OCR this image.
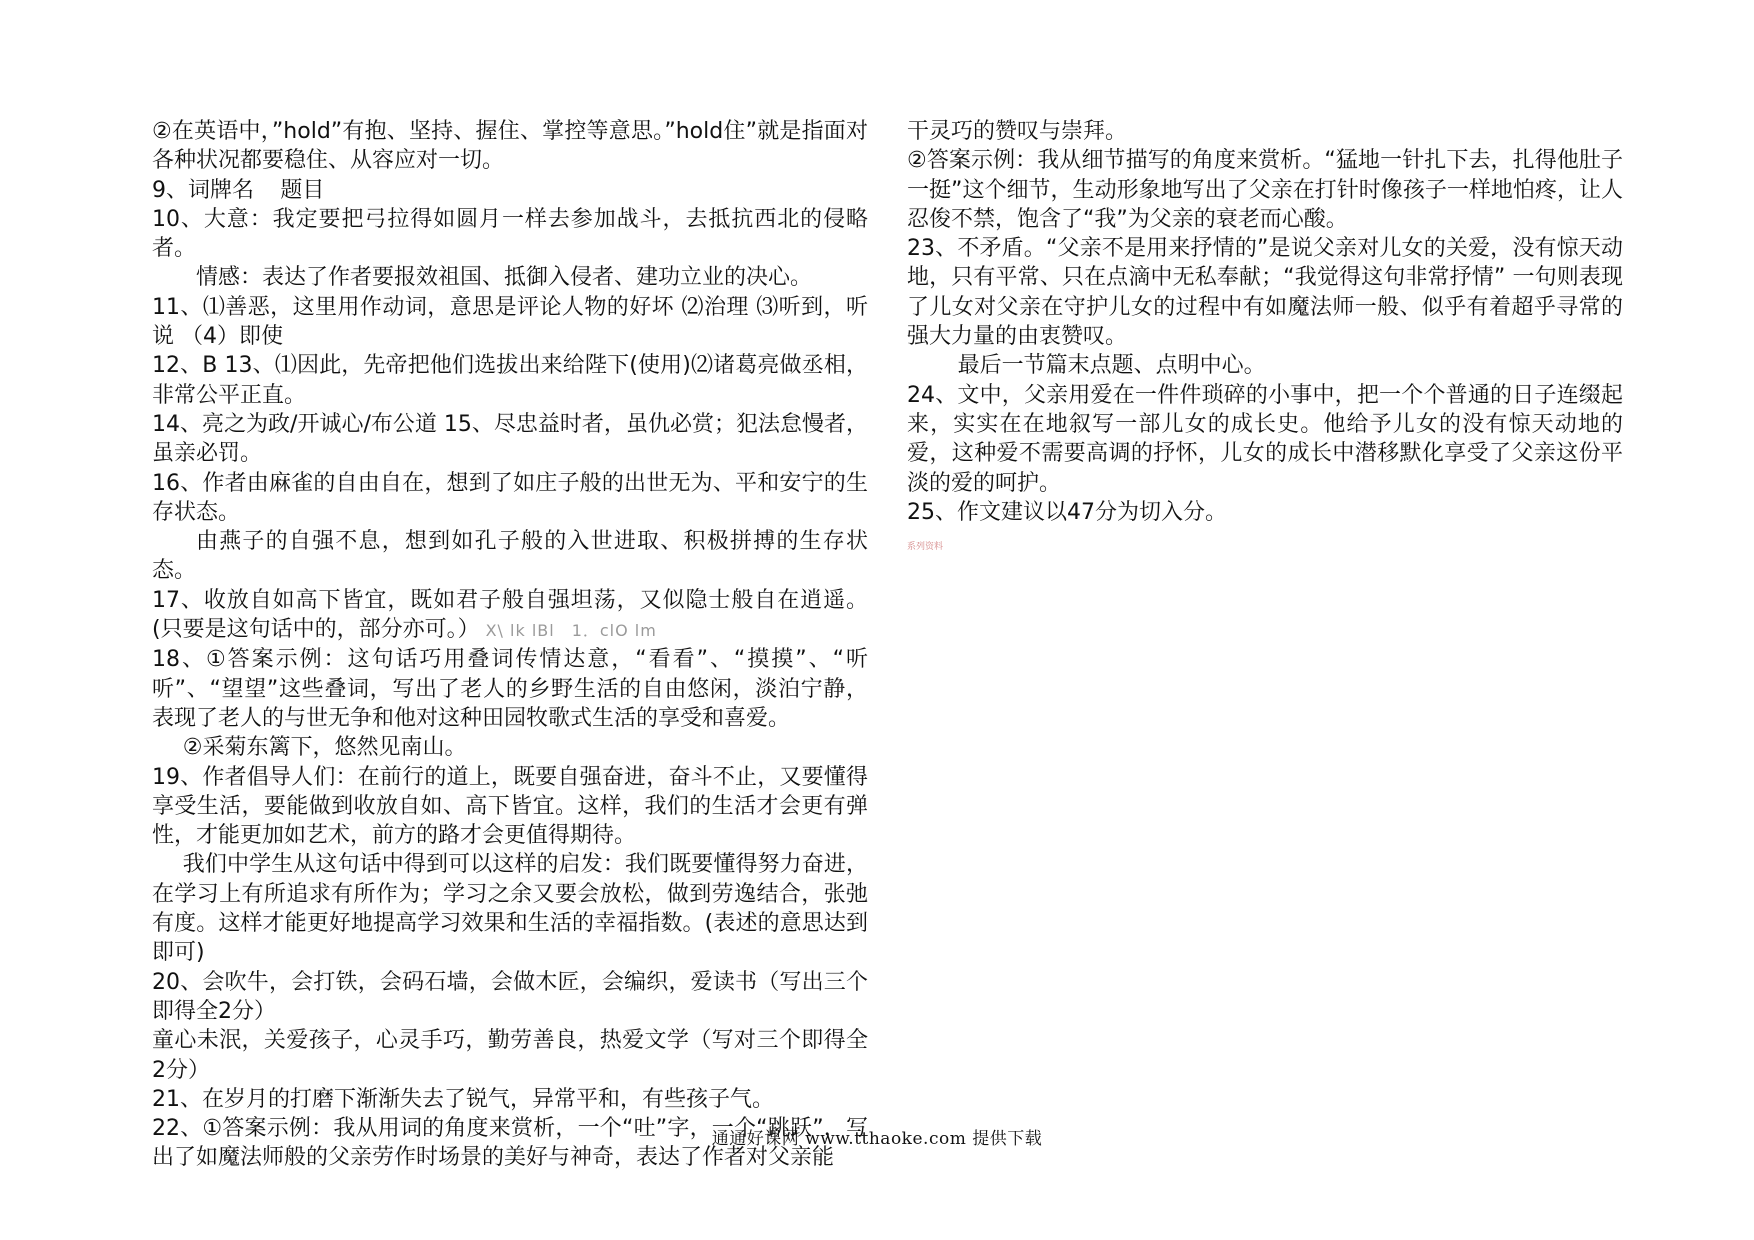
②在英语中，”hold”有抱、坚持、握住、掌控等意思。”hold住”就是指面对各种状况都要稳住、从容应对一切。

9、词牌名 题目

10、大意：我定要把弓拉得如圆月一样去参加战斗，去抵抗西北的侵略者。

情感：表达了作者要报效祖国、抵御入侵者、建功立业的决心。

11、⑴善恶，这里用作动词，意思是评论人物的好坏 ⑵治理 ⑶听到，听说 （4）即使

12、B 13、⑴因此，先帝把他们选拔出来给陛下(使用)⑵诸葛亮做丞相，非常公平正直。

14、亮之为政/开诚心/布公道 15、尽忠益时者，虽仇必赏；犯法怠慢者，虽亲必罚。

16、作者由麻雀的自由自在，想到了如庄子般的出世无为、平和安宁的生存状态。

由燕子的自强不息，想到如孔子般的入世进取、积极拼搏的生存状态。

17、收放自如高下皆宜，既如君子般自强坦荡，又似隐士般自在逍遥。(只要是这句话中的，部分亦可。） X\ lk lBl　1．clO lm

18、①答案示例：这句话巧用叠词传情达意，“看看”、“摸摸”、“听听”、“望望”这些叠词，写出了老人的乡野生活的自由悠闲，淡泊宁静，表现了老人的与世无争和他对这种田园牧歌式生活的享受和喜爱。

②采菊东篱下，悠然见南山。

19、作者倡导人们：在前行的道上，既要自强奋进，奋斗不止，又要懂得享受生活，要能做到收放自如、高下皆宜。这样，我们的生活才会更有弹性，才能更加如艺术，前方的路才会更值得期待。

我们中学生从这句话中得到可以这样的启发：我们既要懂得努力奋进，在学习上有所追求有所作为；学习之余又要会放松，做到劳逸结合，张弛有度。这样才能更好地提高学习效果和生活的幸福指数。(表述的意思达到即可)

20、会吹牛，会打铁，会码石墙，会做木匠，会编织，爱读书（写出三个即得全2分）

童心未泯，关爱孩子，心灵手巧，勤劳善良，热爱文学（写对三个即得全2分）

21、在岁月的打磨下渐渐失去了锐气，异常平和，有些孩子气。

22、①答案示例：我从用词的角度来赏析，一个“吐”字，一个“跳跃”，写出了如魔法师般的父亲劳作时场景的美好与神奇，表达了作者对父亲能

干灵巧的赞叹与崇拜。

②答案示例：我从细节描写的角度来赏析。“猛地一针扎下去，扎得他肚子一挺”这个细节，生动形象地写出了父亲在打针时像孩子一样地怕疼，让人忍俊不禁，饱含了“我”为父亲的衰老而心酸。

23、不矛盾。“父亲不是用来抒情的”是说父亲对儿女的关爱，没有惊天动地，只有平常、只在点滴中无私奉献；“我觉得这句非常抒情” 一句则表现了儿女对父亲在守护儿女的过程中有如魔法师一般、似乎有着超乎寻常的强大力量的由衷赞叹。

最后一节篇末点题、点明中心。

24、文中，父亲用爱在一件件琐碎的小事中，把一个个普通的日子连缀起来，实实在在地叙写一部儿女的成长史。他给予儿女的没有惊天动地的爱，这种爱不需要高调的抒怀，儿女的成长中潜移默化享受了父亲这份平淡的爱的呵护。

25、作文建议以47分为切入分。

系列资料
通通好课网 www.tthaoke.com 提供下载
